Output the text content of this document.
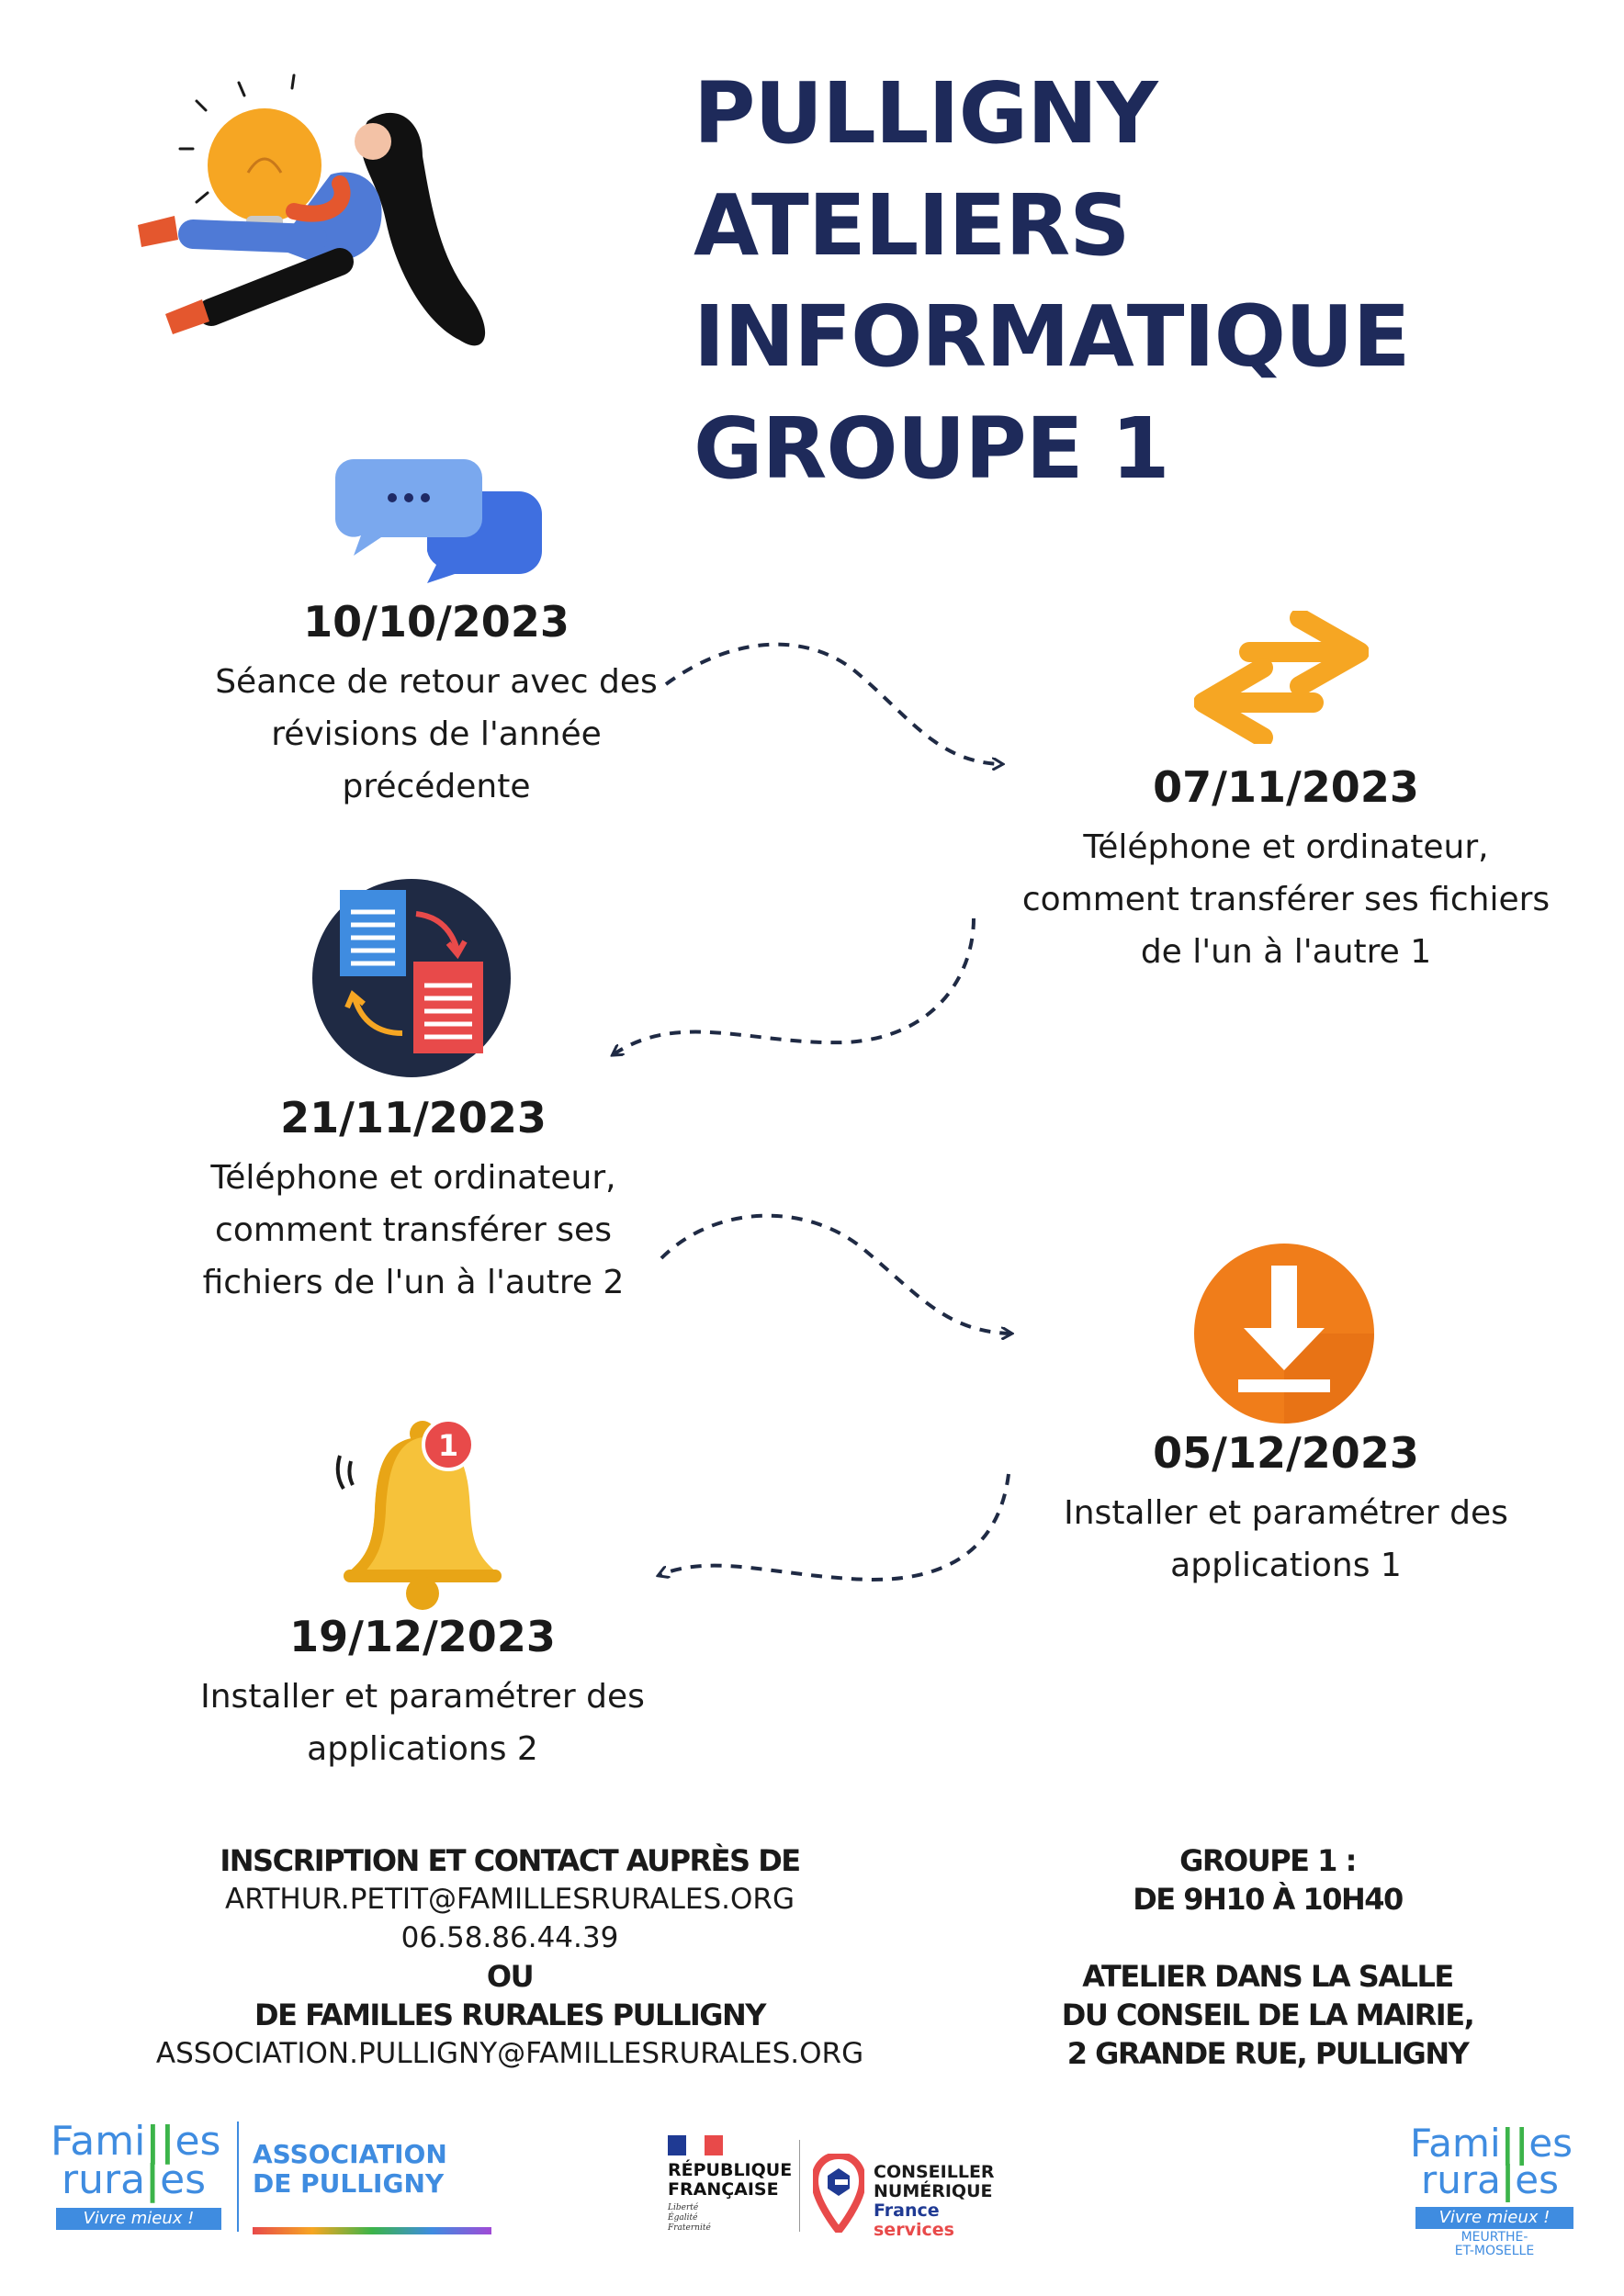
PULLIGNY
ATELIERS
INFORMATIQUE
GROUPE 1
10/10/2023
Séance de retour avec des
révisions de l'année
précédente	07/11/2023
Téléphone et ordinateur,
comment transférer ses fichiers
de l'un à l'autre 1
21/11/2023
Téléphone et ordinateur,
comment transférer ses
fichiers de l'un à l'autre 2
05/12/2023
Installer et paramétrer des
applications 1
1
19/12/2023
Installer et paramétrer des
applications 2
INSCRIPTION ET CONTACT AUPRÈS DE
ARTHUR.PETIT@FAMILLESRURALES.ORG
06.58.86.44.39
OU
DE FAMILLES RURALES PULLIGNY
ASSOCIATION.PULLIGNY@FAMILLESRURALES.ORG
GROUPE 1 :
DE 9H10 À 10H40
ATELIER DANS LA SALLE
DU CONSEIL DE LA MAIRIE,
2 GRANDE RUE, PULLIGNY
Fami||es
rura|es
Vivre mieux !
ASSOCIATION
DE PULLIGNY	RÉPUBLIQUE
FRANÇAISE
Liberté
Égalité
Fraternité
CONSEILLER
NUMÉRIQUE
France
services
Fami||es
rura|es
Vivre mieux !
MEURTHE-
ET-MOSELLE
